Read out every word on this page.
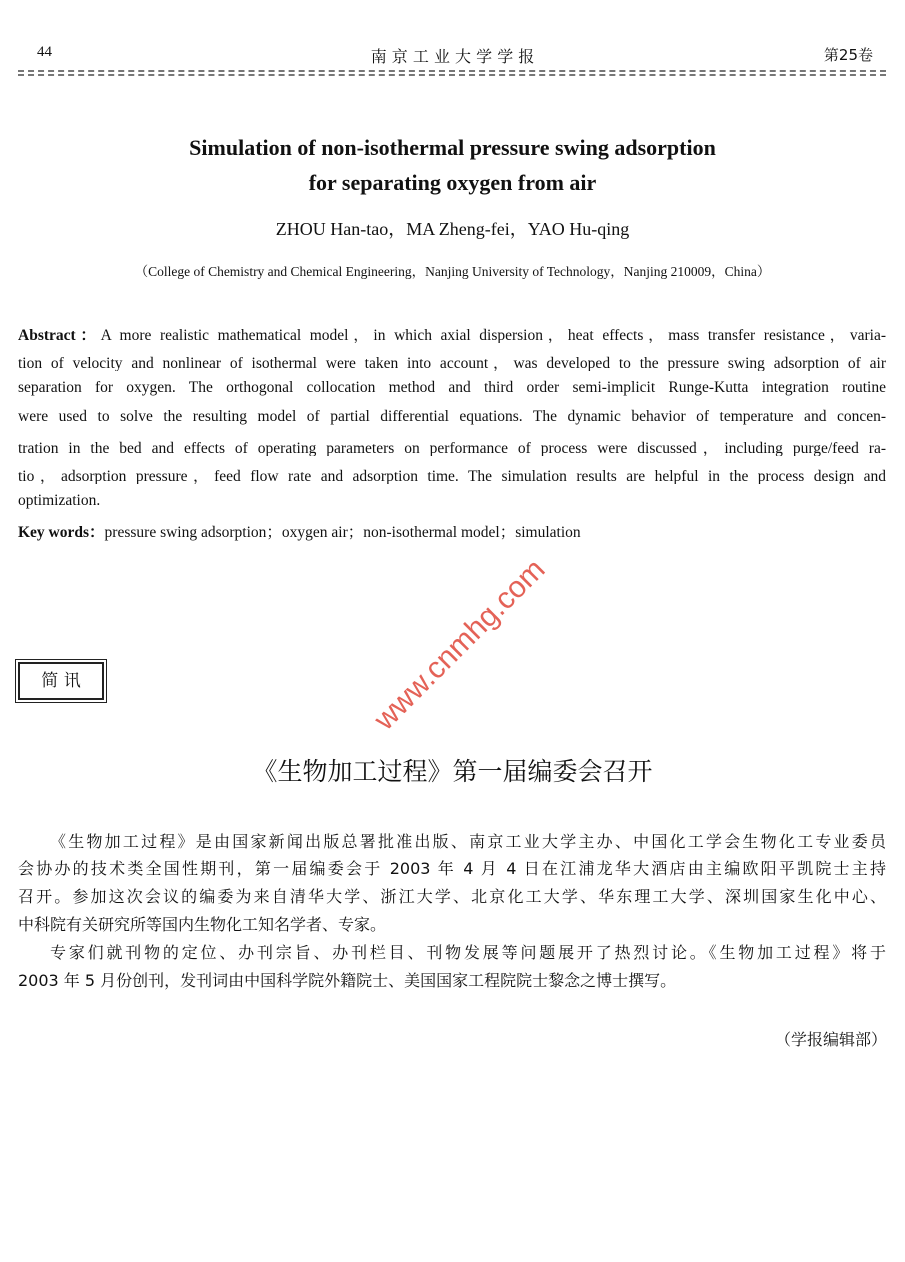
44	南 京 工 业 大 学 学 报	第25卷
Simulation of non-isothermal pressure swing adsorption
for separating oxygen from air
ZHOU Han-tao，MA Zheng-fei，YAO Hu-qing
（College of Chemistry and Chemical Engineering，Nanjing University of Technology，Nanjing 210009，China）
Abstract：A more realistic mathematical model，in which axial dispersion，heat effects，mass transfer resistance，varia-
tion of velocity and nonlinear of isothermal were taken into account，was developed to the pressure swing adsorption of air
separation for oxygen. The orthogonal collocation method and third order semi-implicit Runge-Kutta integration routine
were used to solve the resulting model of partial differential equations. The dynamic behavior of temperature and concen-
tration in the bed and effects of operating parameters on performance of process were discussed，including purge/feed ra-
tio，adsorption pressure，feed flow rate and adsorption time. The simulation results are helpful in the process design and
optimization.
Key words：pressure swing adsorption；oxygen air；non-isothermal model；simulation
简 讯
《生物加工过程》第一届编委会召开
《生物加工过程》是由国家新闻出版总署批准出版、南京工业大学主办、中国化工学会生物化工专业委员
会协办的技术类全国性期刊，第一届编委会于 2003 年 4 月 4 日在江浦龙华大酒店由主编欧阳平凯院士主持
召开。参加这次会议的编委为来自清华大学、浙江大学、北京化工大学、华东理工大学、深圳国家生化中心、
中科院有关研究所等国内生物化工知名学者、专家。
专家们就刊物的定位、办刊宗旨、办刊栏目、刊物发展等问题展开了热烈讨论。《生物加工过程》将于
2003 年 5 月份创刊，发刊词由中国科学院外籍院士、美国国家工程院院士黎念之博士撰写。
（学报编辑部）
www.cnmhg.com
